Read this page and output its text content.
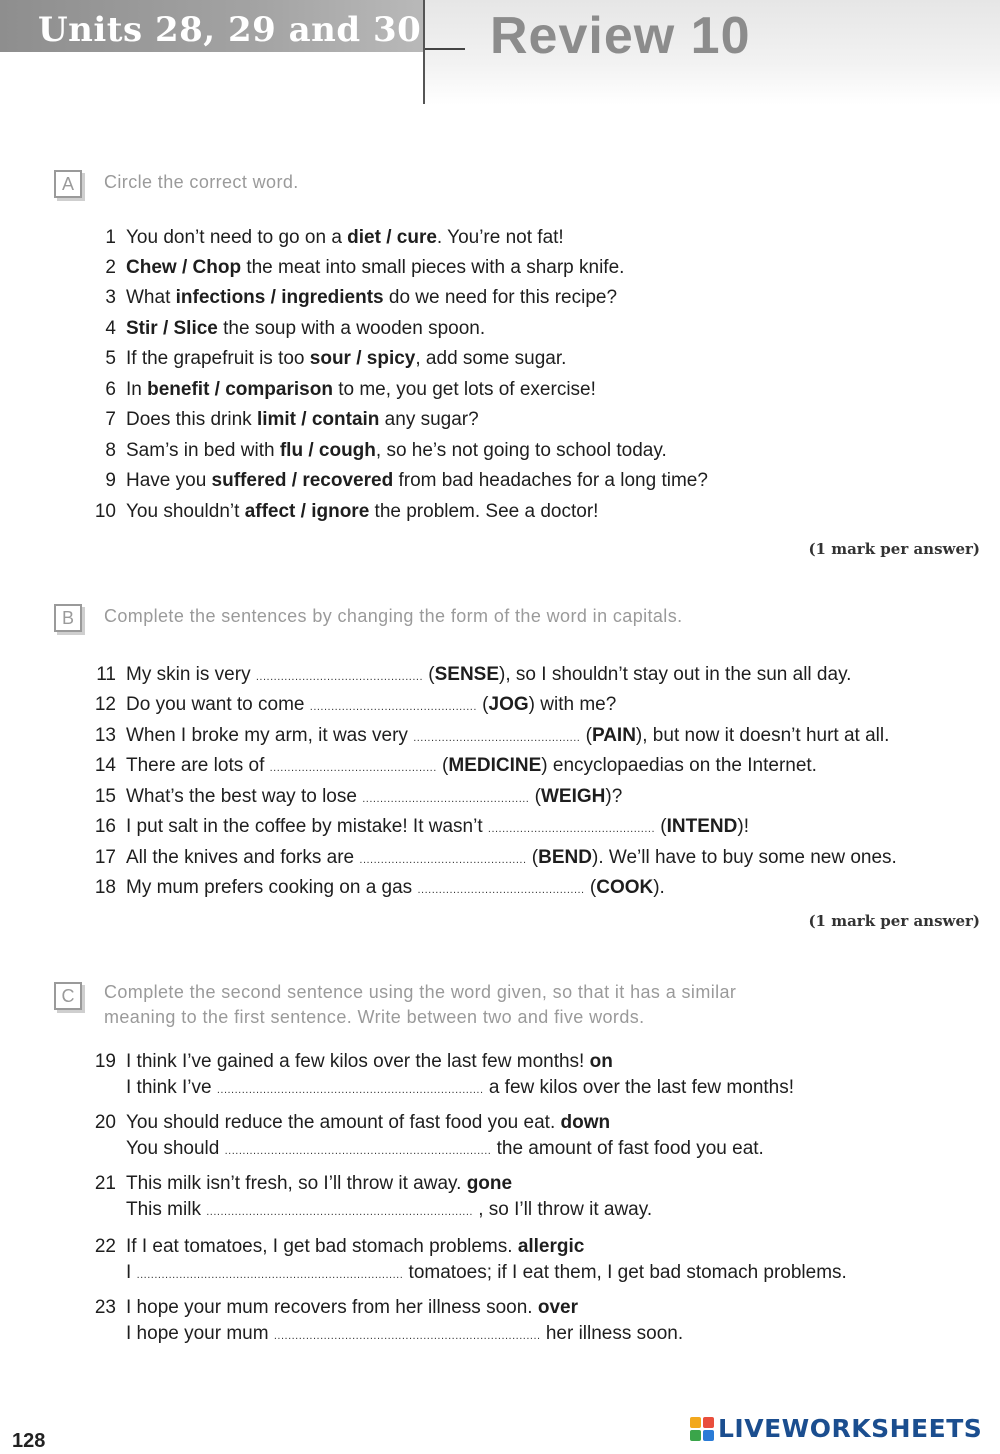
Units 28, 29 and 30 Review 10
A	Circle the correct word.

1 You don’t need to go on a diet / cure. You’re not fat!
2 Chew / Chop the meat into small pieces with a sharp knife.
3 What infections / ingredients do we need for this recipe?
4 Stir / Slice the soup with a wooden spoon.
5 If the grapefruit is too sour / spicy, add some sugar.
6 In benefit / comparison to me, you get lots of exercise!
7 Does this drink limit / contain any sugar?
8 Sam’s in bed with flu / cough, so he’s not going to school today.
9 Have you suffered / recovered from bad headaches for a long time?
10 You shouldn’t affect / ignore the problem. See a doctor!
(1 mark per answer)
B	Complete the sentences by changing the form of the word in capitals.

11 My skin is very ............................................... (SENSE), so I shouldn’t stay out in the sun all day.
12 Do you want to come ............................................... (JOG) with me?
13 When I broke my arm, it was very ............................................... (PAIN), but now it doesn’t hurt at all.
14 There are lots of ............................................... (MEDICINE) encyclopaedias on the Internet.
15 What’s the best way to lose ............................................... (WEIGH)?
16 I put salt in the coffee by mistake! It wasn’t ............................................... (INTEND)!
17 All the knives and forks are ............................................... (BEND). We’ll have to buy some new ones.
18 My mum prefers cooking on a gas ............................................... (COOK).
(1 mark per answer)
C	Complete the second sentence using the word given, so that it has a similar

meaning to the first sentence. Write between two and five words.

19 I think I’ve gained a few kilos over the last few months! on
I think I’ve ........................................................................... a few kilos over the last few months!
20 You should reduce the amount of fast food you eat. down
You should ........................................................................... the amount of fast food you eat.
21 This milk isn’t fresh, so I’ll throw it away. gone
This milk ........................................................................... , so I’ll throw it away.
22 If I eat tomatoes, I get bad stomach problems. allergic
I ........................................................................... tomatoes; if I eat them, I get bad stomach problems.
23 I hope your mum recovers from her illness soon. over
I hope your mum ........................................................................... her illness soon.
128	LIVEWORKSHEETS
